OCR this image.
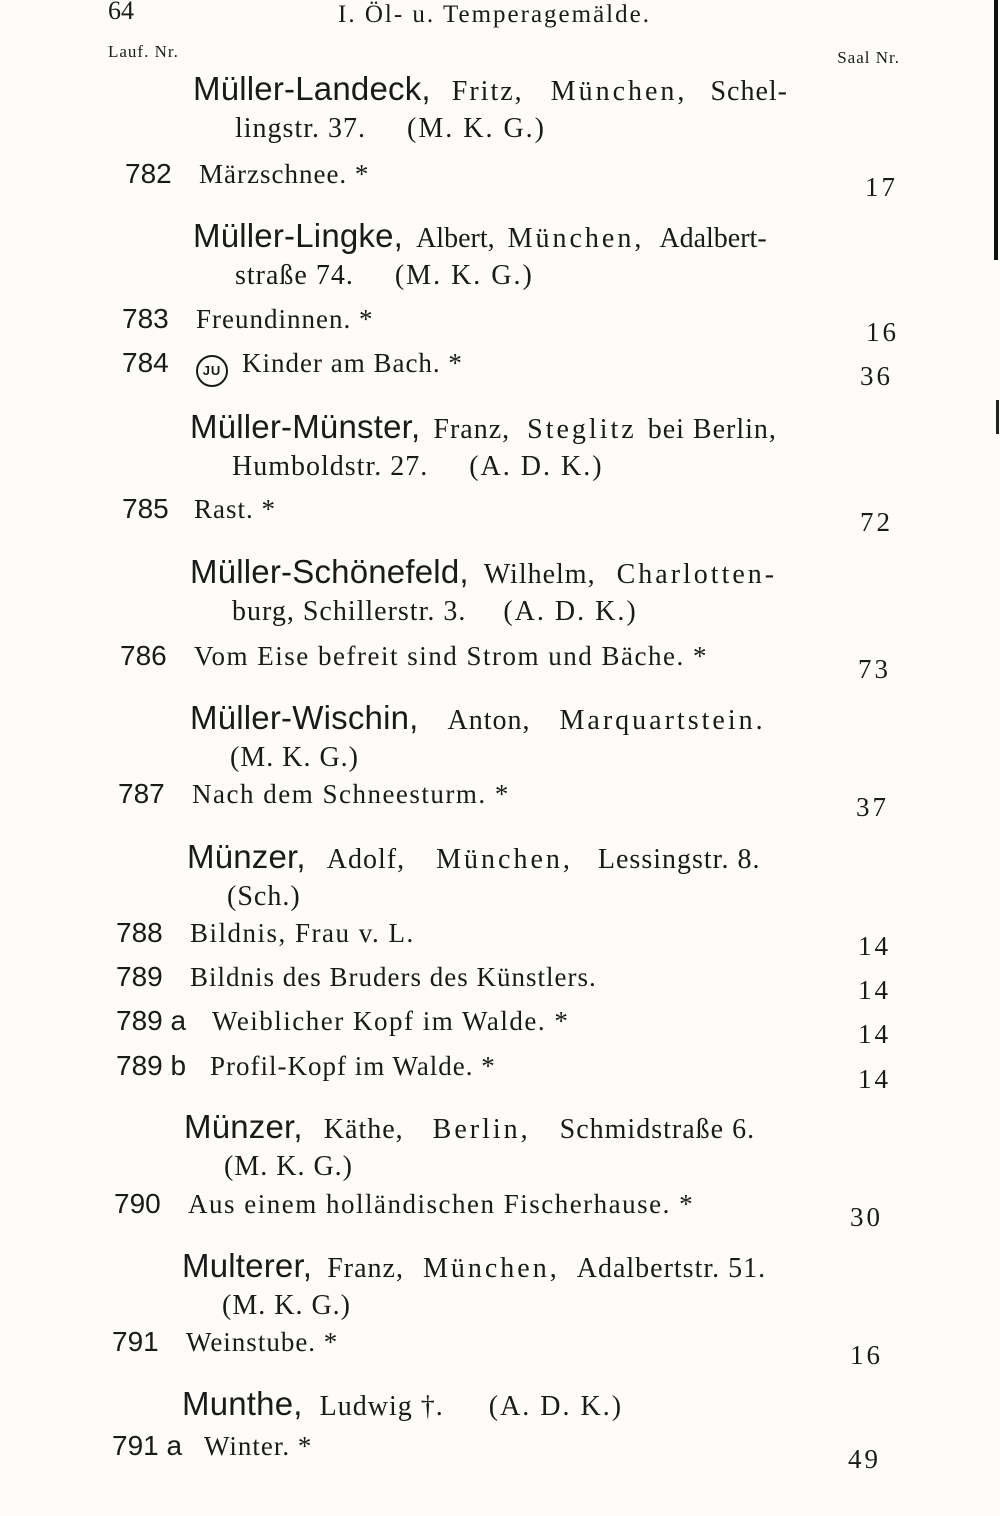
64	I. Öl- u. Temperagemälde.
Lauf. Nr.	Saal Nr.
Müller-Landeck, Fritz, München, Schel-
lingstr. 37. (M. K. G.)
782 Märzschnee. *	17
Müller-Lingke, Albert, München, Adalbert-
straße 74. (M. K. G.)
783 Freundinnen. *	16
784	JU Kinder am Bach. *	36
Müller-Münster, Franz, Steglitz bei Berlin,
Humboldstr. 27. (A. D. K.)
785 Rast. *	72
Müller-Schönefeld, Wilhelm, Charlotten-
burg, Schillerstr. 3. (A. D. K.)
786 Vom Eise befreit sind Strom und Bäche. *	73
Müller-Wischin, Anton, Marquartstein.
(M. K. G.)
787 Nach dem Schneesturm. *	37
Münzer, Adolf, München, Lessingstr. 8.
(Sch.)
788 Bildnis, Frau v. L.	14
789 Bildnis des Bruders des Künstlers.	14
789 a Weiblicher Kopf im Walde. *	14
789 b Profil-Kopf im Walde. *	14
Münzer, Käthe, Berlin, Schmidstraße 6.
(M. K. G.)
790 Aus einem holländischen Fischerhause. *	30
Multerer, Franz, München, Adalbertstr. 51.
(M. K. G.)
791 Weinstube. *	16
Munthe, Ludwig †. (A. D. K.)
791 a Winter. *	49
